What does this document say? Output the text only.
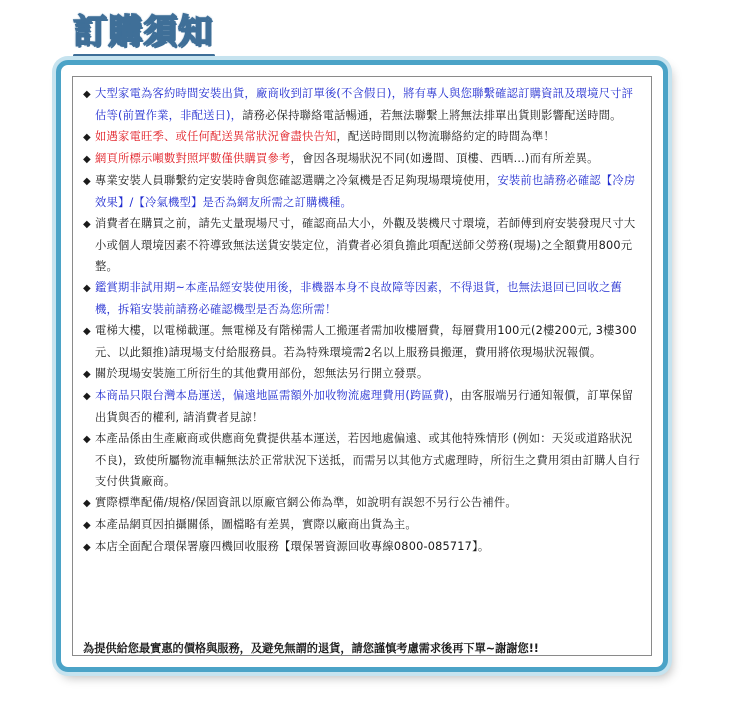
訂購須知

◆ 大型家電為客約時間安裝出貨，廠商收到訂單後(不含假日)，將有專人與您聯繫確認訂購資訊及環境尺寸評估等(前置作業，非配送日)，請務必保持聯絡電話暢通，若無法聯繫上將無法排單出貨則影響配送時間。

◆ 如遇家電旺季、或任何配送異常狀況會盡快告知，配送時間則以物流聯絡約定的時間為準！

◆ 網頁所標示噸數對照坪數僅供購買參考，會因各現場狀況不同(如邊間、頂樓、西晒…)而有所差異。

◆ 專業安裝人員聯繫約定安裝時會與您確認選購之冷氣機是否足夠現場環境使用，安裝前也請務必確認【冷房效果】/【冷氣機型】是否為網友所需之訂購機種。

◆ 消費者在購買之前，請先丈量現場尺寸，確認商品大小，外觀及裝機尺寸環境，若師傅到府安裝發現尺寸大小或個人環境因素不符導致無法送貨安裝定位，消費者必須負擔此項配送師父勞務(現場)之全額費用800元整。

◆ 鑑賞期非試用期~本產品經安裝使用後，非機器本身不良故障等因素，不得退貨，也無法退回已回收之舊機，拆箱安裝前請務必確認機型是否為您所需！

◆ 電梯大樓，以電梯載運。無電梯及有階梯需人工搬運者需加收樓層費，每層費用100元(2樓200元, 3樓300元、以此類推)請現場支付給服務員。若為特殊環境需2名以上服務員搬運，費用將依現場狀況報價。

◆ 關於現場安裝施工所衍生的其他費用部份，恕無法另行開立發票。

◆ 本商品只限台灣本島運送，偏遠地區需額外加收物流處理費用(跨區費)，由客服端另行通知報價，訂單保留出貨與否的權利, 請消費者見諒！

◆ 本產品係由生產廠商或供應商免費提供基本運送，若因地處偏遠、或其他特殊情形 (例如：天災或道路狀況不良)，致使所屬物流車輛無法於正常狀況下送抵，而需另以其他方式處理時，所衍生之費用須由訂購人自行支付供貨廠商。

◆ 實際標準配備/規格/保固資訊以原廠官網公佈為準，如說明有誤恕不另行公告補件。

◆ 本產品網頁因拍攝關係，圖檔略有差異，實際以廠商出貨為主。

◆ 本店全面配合環保署廢四機回收服務【環保署資源回收專線0800-085717】。

為提供給您最實惠的價格與服務，及避免無謂的退貨，請您謹慎考慮需求後再下單~謝謝您!!
